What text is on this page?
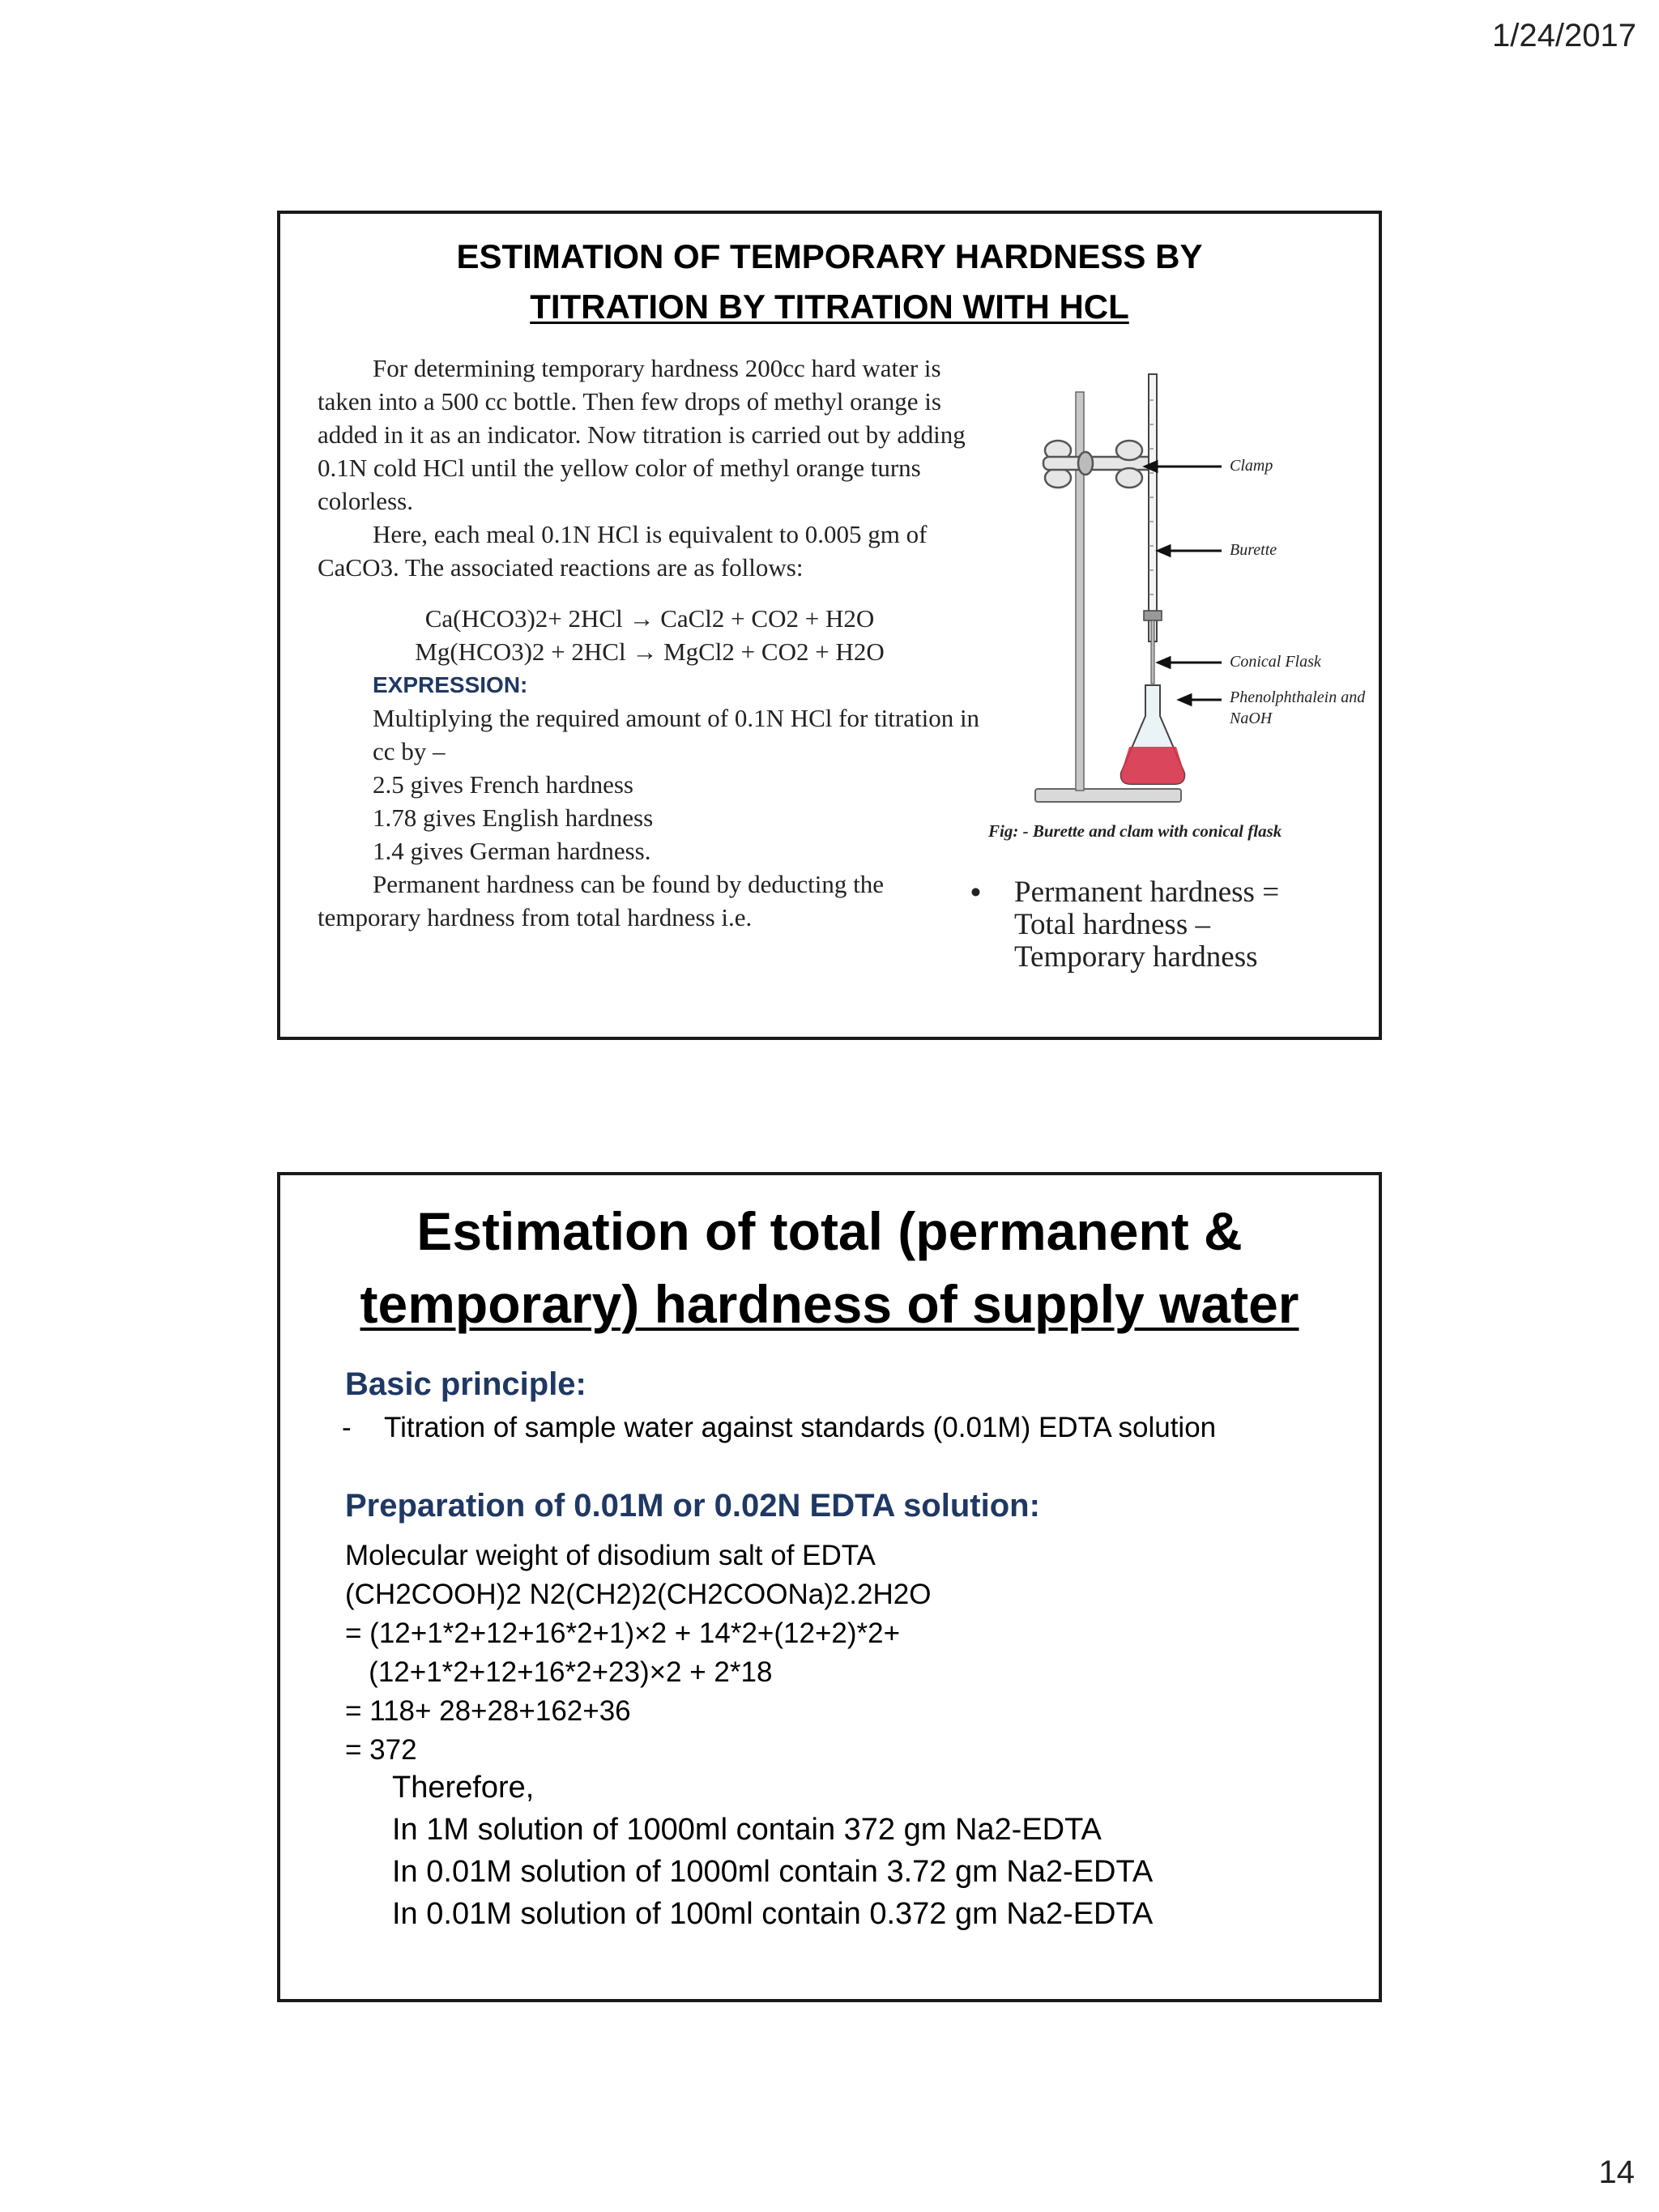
1/24/2017
ESTIMATION OF TEMPORARY HARDNESS BY
TITRATION BY TITRATION WITH HCL

For determining temporary hardness 200cc hard water is taken into a 500 cc bottle. Then few drops of methyl orange is added in it as an indicator. Now titration is carried out by adding 0.1N cold HCl until the yellow color of methyl orange turns colorless.

Here, each meal 0.1N HCl is equivalent to 0.005 gm of CaCO3. The associated reactions are as follows:

Ca(HCO3)2+ 2HCl → CaCl2 + CO2 + H2O

Mg(HCO3)2 + 2HCl → MgCl2 + CO2 + H2O

EXPRESSION:

Multiplying the required amount of 0.1N HCl for titration in

cc by –

2.5 gives French hardness

1.78 gives English hardness

1.4 gives German hardness.

Permanent hardness can be found by deducting the temporary hardness from total hardness i.e.

Clamp
Burette
Conical Flask
Phenolphthalein and
NaOH
Fig: - Burette and clam with conical flask
• Permanent hardness =
Total hardness –
Temporary hardness
Estimation of total (permanent &
temporary) hardness of supply water
Basic principle:
- Titration of sample water against standards (0.01M) EDTA solution
Preparation of 0.01M or 0.02N EDTA solution:

Molecular weight of disodium salt of EDTA

(CH2COOH)2 N2(CH2)2(CH2COONa)2.2H2O

= (12+1*2+12+16*2+1)×2 + 14*2+(12+2)*2+

(12+1*2+12+16*2+23)×2 + 2*18

= 118+ 28+28+162+36

= 372

Therefore,

In 1M solution of 1000ml contain 372 gm Na2-EDTA

In 0.01M solution of 1000ml contain 3.72 gm Na2-EDTA

In 0.01M solution of 100ml contain 0.372 gm Na2-EDTA

14
